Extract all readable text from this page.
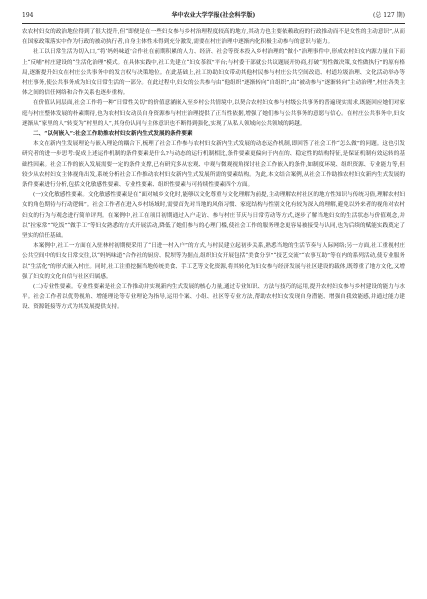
194	华中农业大学学报(社会科学版)	(总 127 期)

农农村妇女的政治地位得到了很大提升,但“即便是在一些妇女参与乡村治理程度较高的地方,其动力也主要依赖政府的行政推动而不是女性的主动意识”,从而在国家政策落实中作为行政的被动执行者,自身主体性未得到充分激发,需要在村庄治理中逐渐内化积极主动参与的意识与能力。

社工以日常生活为切入口,“将‘妈妈味道’合作社在前期积累的人力、经济、社会等资本投入乡村治理的“做小”治理事件中,形成农村妇女内源力量自下而上“反哺”村庄建设的“生活化治理”模式。在具体实践中,社工先建立“妇女茶叙”平台;与村委干部就公共议题展开协商,打破“男性做决策,女性做执行”的原有格局,逐渐提升妇女在村庄公共事务中的发言权与决策地位。在此基础上,社工协助妇女带动其他村民参与村庄公共空间改造、村道垃圾治理、文化活动举办等村庄事务,使公共事务成为妇女日常生活的一部分。在此过程中,妇女的公共参与由“他组织”逐渐转向“自组织”,由“被动参与”逐渐转向“主动治理”,村庄各类主体之间的信任网络和合作关系也逐步重构。

在价值认同层面,社会工作将一种“日常性关切”的价值意涵嵌入至乡村公共情境中,以契合农村妇女参与村级公共事务的普遍现实需求,既能回应她们对家庭与村庄整体发展的朴素期待,也为农村妇女动员自身资源参与村庄治理提供了正当性依据,增强了她们参与公共事务的意愿与信心。在村庄公共事务中,妇女逐渐从“家里的人”转变为“村里的人”,其身份认同与主体意识也不断得到强化,实现了从私人领域向公共领域的跨越。

二、“以何嵌入”:社会工作助推农村妇女新内生式发展的条件要素

本文在新内生发展理论与嵌入理论的耦合下,梳理了社会工作参与农村妇女新内生式发展的动态运作机制,即回答了社会工作“怎么做”的问题。这也引发研究者的进一步思考:促成上述运作机制的条件要素是什么?与动态的运行机制相比,条件要素更偏向于内在的、稳定性的结构特征,是保证机制有效运转的基础性因素。社会工作的嵌入发展需要一定的条件支撑,已有研究多从宏观、中观与微观视角探讨社会工作嵌入的条件,如制度环境、组织资源、专业能力等,但较少从农村妇女主体视角出发,系统分析社会工作推动农村妇女新内生式发展所需的要素结构。为此,本文结合案例,从社会工作助推农村妇女新内生式发展的条件要素进行分析,包括文化敏感性要素、专业性要素、组织性要素与可持续性要素四个方面。

(一)文化敏感性要素。文化敏感性要素是在“面对城乡文化时,能够以文化尊重与文化理解为前提,主动理解农村社区的地方性知识与传统习俗,理解农村妇女的角色期待与行动逻辑”。社会工作者在进入乡村场域时,需要首先对当地的风俗习惯、家庭结构与性别文化有较为深入的理解,避免以外来者的视角对农村妇女的行为与观念进行简单评判。在案例中,社工在项目初期通过入户走访、参与村庄节庆与日常劳动等方式,逐步了解当地妇女的生活状态与价值观念,并以“拉家常”“吃饭”“做手工”等妇女熟悉的方式开展活动,降低了她们参与的心理门槛,使社会工作的服务理念更容易被接受与认同,也为后续的赋能实践奠定了坚实的信任基础。

本案例中,社工一方面在入驻林村初期便采用了“日进一村入户”的方式,与村民建立起初步关系,熟悉当地的生活节奏与人际网络;另一方面,社工重视村庄公共空间中的妇女日常交往,以“妈妈味道”合作社的厨房、院坝等为据点,组织妇女开展包括“美食分享”“技艺交流”“农事互助”等在内的系列活动,使专业服务以“生活化”的形式嵌入村庄。同时,社工注重挖掘当地传统美食、手工艺等文化资源,将其转化为妇女参与经济发展与社区建设的载体,既尊重了地方文化,又增强了妇女的文化自信与社区归属感。

(二)专业性要素。专业性要素是社会工作推动并实现新内生式发展的核心力量,通过专业知识、方法与技巧的运用,提升农村妇女参与乡村建设的能力与水平。社会工作者以优势视角、增能理论等专业理论为指导,运用个案、小组、社区等专业方法,帮助农村妇女发现自身潜能、增强自我效能感,并通过能力建设、资源链接等方式为其发展提供支持。
